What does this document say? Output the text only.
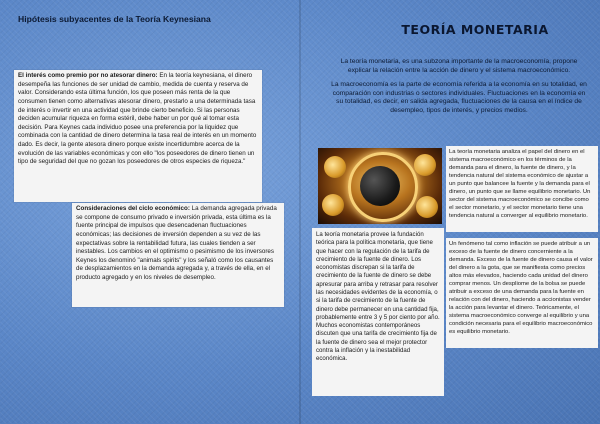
Hipótesis subyacentes de la Teoría Keynesiana
El interés como premio por no atesorar dinero: En la teoría keynesiana, el dinero desempeña las funciones de ser unidad de cambio, medida de cuenta y reserva de valor. Considerando esta última función, los que poseen más renta de la que consumen tienen como alternativas atesorar dinero, prestarlo a una determinada tasa de interés o invertir en una actividad que brinde cierto beneficio. Si las personas deciden acumular riqueza en forma estéril, debe haber un por qué al tomar esta decisión. Para Keynes cada individuo posee una preferencia por la liquidez que combinada con la cantidad de dinero determina la tasa real de interés en un momento dado. Es decir, la gente atesora dinero porque existe incertidumbre acerca de la evolución de las variables económicas y con ello "los poseedores de dinero tienen un tipo de seguridad del que no gozan los poseedores de otros especies de riqueza."
Consideraciones del ciclo económico: La demanda agregada privada se compone de consumo privado e inversión privada, esta última es la fuente principal de impulsos que desencadenan fluctuaciones económicas; las decisiones de inversión dependen a su vez de las expectativas sobre la rentabilidad futura, las cuales tienden a ser inestables. Los cambios en el optimismo o pesimismo de los inversores Keynes los denominó "animals spirits" y los señaló como los causantes de desplazamientos en la demanda agregada y, a través de ella, en el producto agregado y en los niveles de desempleo.
TEORÍA MONETARIA

La teoría monetaria, es una subzona importante de la macroeconomía, propone explicar la relación entre la acción de dinero y el sistema macroeconómico.

La macroeconomía es la parte de economía referida a la economía en su totalidad, en comparación con industrias o sectores individuales. Fluctuaciones en la economía en su totalidad, es decir, en salida agregada, fluctuaciones de la causa en el índice de desempleo, tipos de interés, y precios medios.

La teoría monetaria analiza el papel del dinero en el sistema macroeconómico en los términos de la demanda para el dinero, la fuente de dinero, y la tendencia natural del sistema económico de ajustar a un punto que balancee la fuente y la demanda para el dinero, un punto que se llame equilibrio monetario. Un sector del sistema macroeconómico se concibe como el sector monetario, y el sector monetario tiene una tendencia natural a converger al equilibrio monetario.
Un fenómeno tal como inflación se puede atribuir a un exceso de la fuente de dinero concerniente a la demanda. Exceso de la fuente de dinero causa el valor del dinero a la gota, que se manifiesta como precios altos más elevados, haciendo cada unidad del dinero comprar menos. Un despliome de la bolsa se puede atribuir a exceso de una demanda para la fuente en relación con del dinero, haciendo a accionistas vender la acción para levantar el dinero. Teóricamente, el sistema macroeconómico converge al equilibrio y una condición necesaria para el equilibrio macroeconómico es equilibrio monetario.
La teoría monetaria provee la fundación teórica para la política monetaria, que tiene que hacer con la regulación de la tarifa de crecimiento de la fuente de dinero. Los economistas discrepan si la tarifa de crecimiento de la fuente de dinero se debe apresurar para arriba y retrasar para resolver las necesidades evidentes de la economía, o si la tarifa de crecimiento de la fuente de dinero debe permanecer en una cantidad fija, probablemente entre 3 y 5 por ciento por año. Muchos economistas contemporáneos discuten que una tarifa de crecimiento fija de la fuente de dinero sea el mejor protector contra la inflación y la inestabilidad económica.
